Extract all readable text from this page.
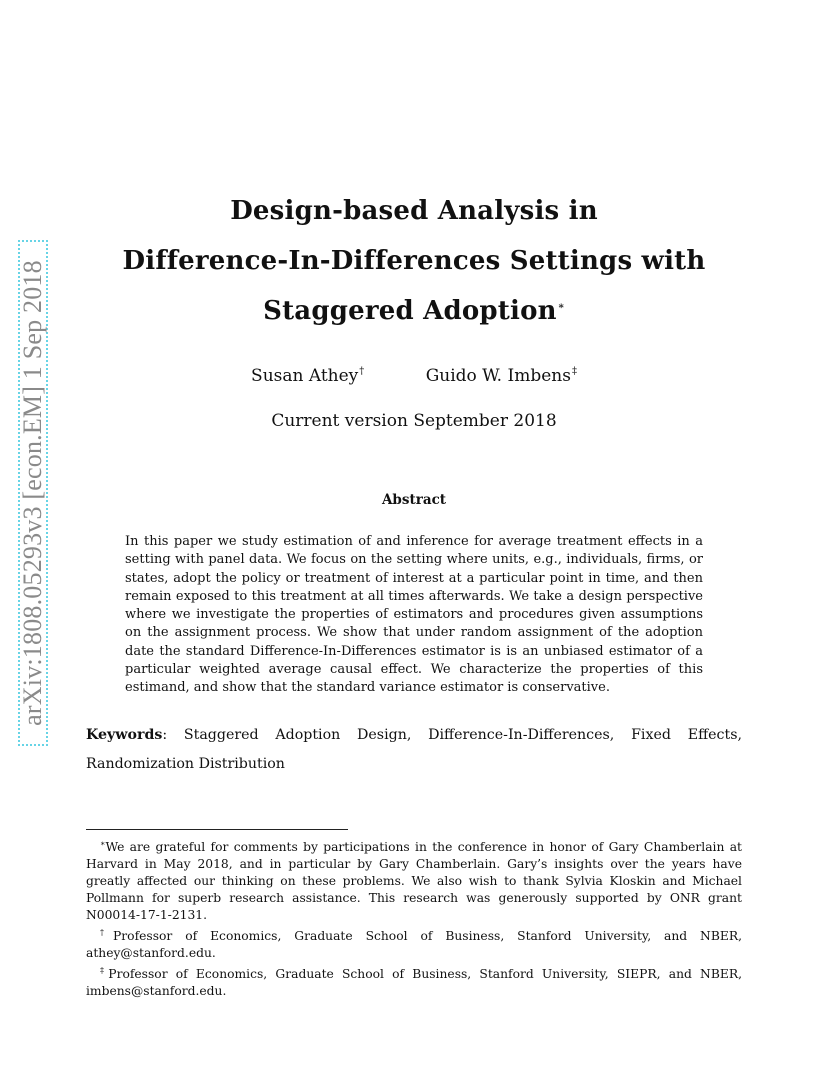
arXiv:1808.05293v3 [econ.EM] 1 Sep 2018
Design-based Analysis in
Difference-In-Differences Settings with
Staggered Adoption∗
Susan Athey†	Guido W. Imbens‡
Current version September 2018
Abstract
In this paper we study estimation of and inference for average treatment effects in a setting with panel data. We focus on the setting where units, e.g., individuals, firms, or states, adopt the policy or treatment of interest at a particular point in time, and then remain exposed to this treatment at all times afterwards. We take a design perspective where we investigate the properties of estimators and procedures given assumptions on the assignment process. We show that under random assignment of the adoption date the standard Difference-In-Differences estimator is is an unbiased estimator of a particular weighted average causal effect. We characterize the properties of this estimand, and show that the standard variance estimator is conservative.
Keywords: Staggered Adoption Design, Difference-In-Differences, Fixed Effects, Randomization Distribution
∗We are grateful for comments by participations in the conference in honor of Gary Chamberlain at Harvard in May 2018, and in particular by Gary Chamberlain. Gary’s insights over the years have greatly affected our thinking on these problems. We also wish to thank Sylvia Kloskin and Michael Pollmann for superb research assistance. This research was generously supported by ONR grant N00014-17-1-2131.
†Professor of Economics, Graduate School of Business, Stanford University, and NBER, athey@stanford.edu.
‡Professor of Economics, Graduate School of Business, Stanford University, SIEPR, and NBER, imbens@stanford.edu.
